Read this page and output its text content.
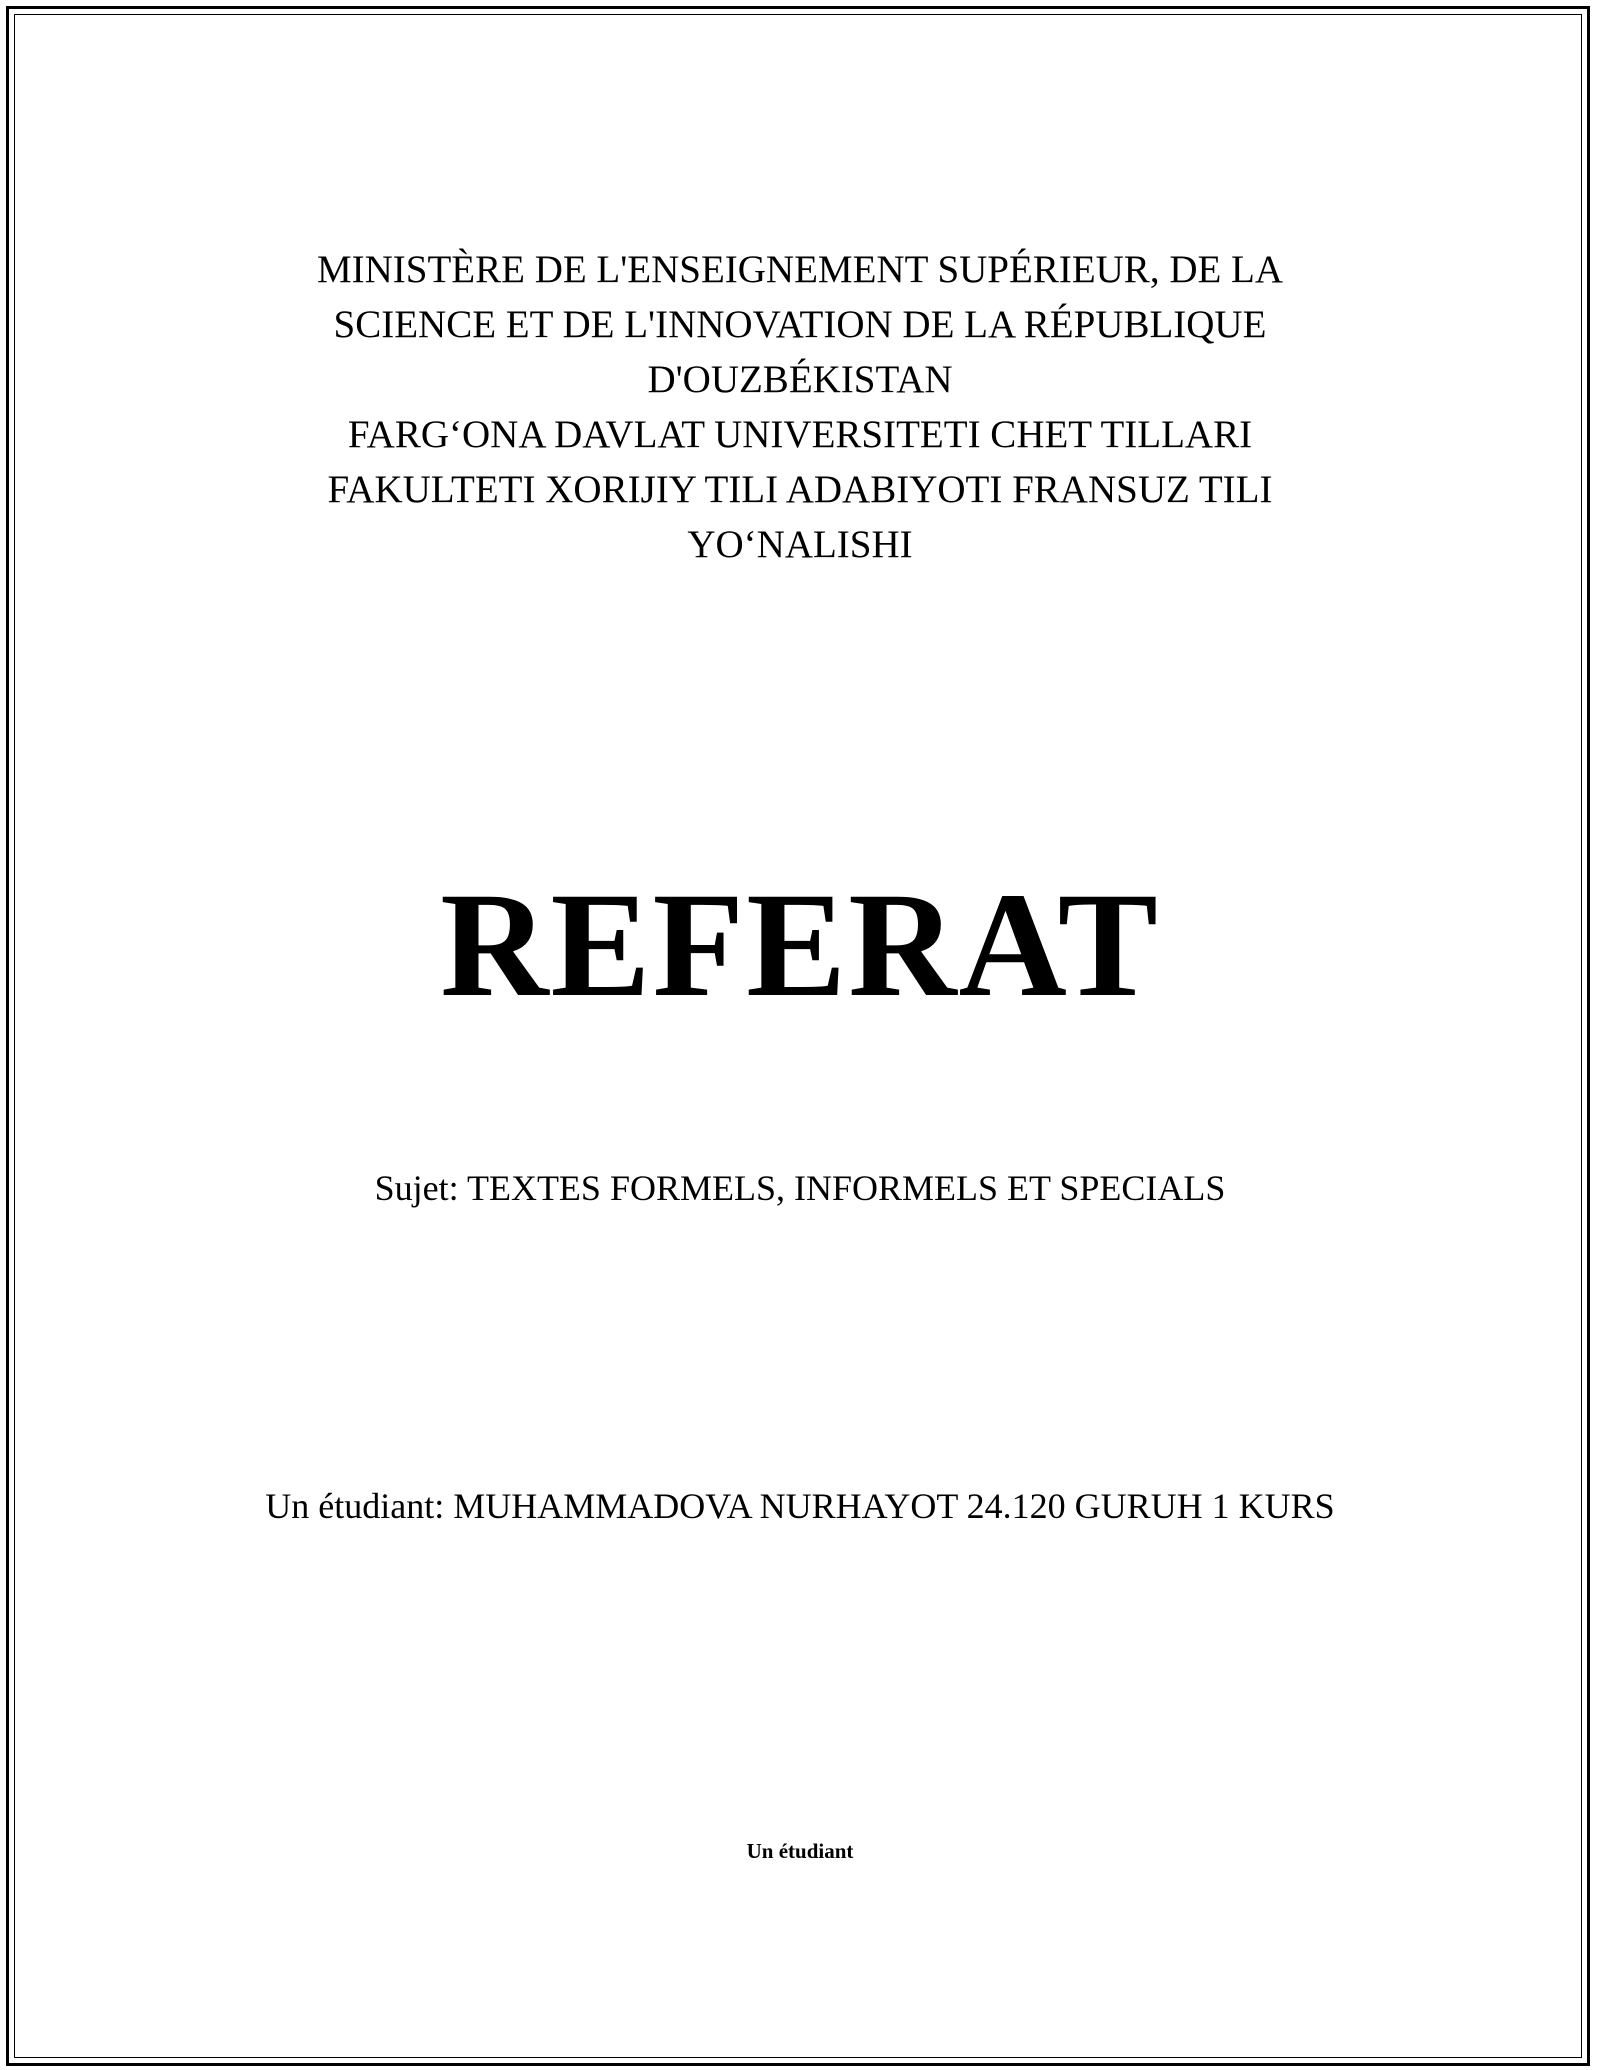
MINISTÈRE DE L'ENSEIGNEMENT SUPÉRIEUR, DE LA
SCIENCE ET DE L'INNOVATION DE LA RÉPUBLIQUE
D'OUZBÉKISTAN
FARG‘ONA DAVLAT UNIVERSITETI CHET TILLARI
FAKULTETI XORIJIY TILI ADABIYOTI FRANSUZ TILI
YO‘NALISHI
REFERAT
Sujet: TEXTES FORMELS, INFORMELS ET SPECIALS
Un étudiant: MUHAMMADOVA NURHAYOT 24.120 GURUH 1 KURS
Un étudiant
